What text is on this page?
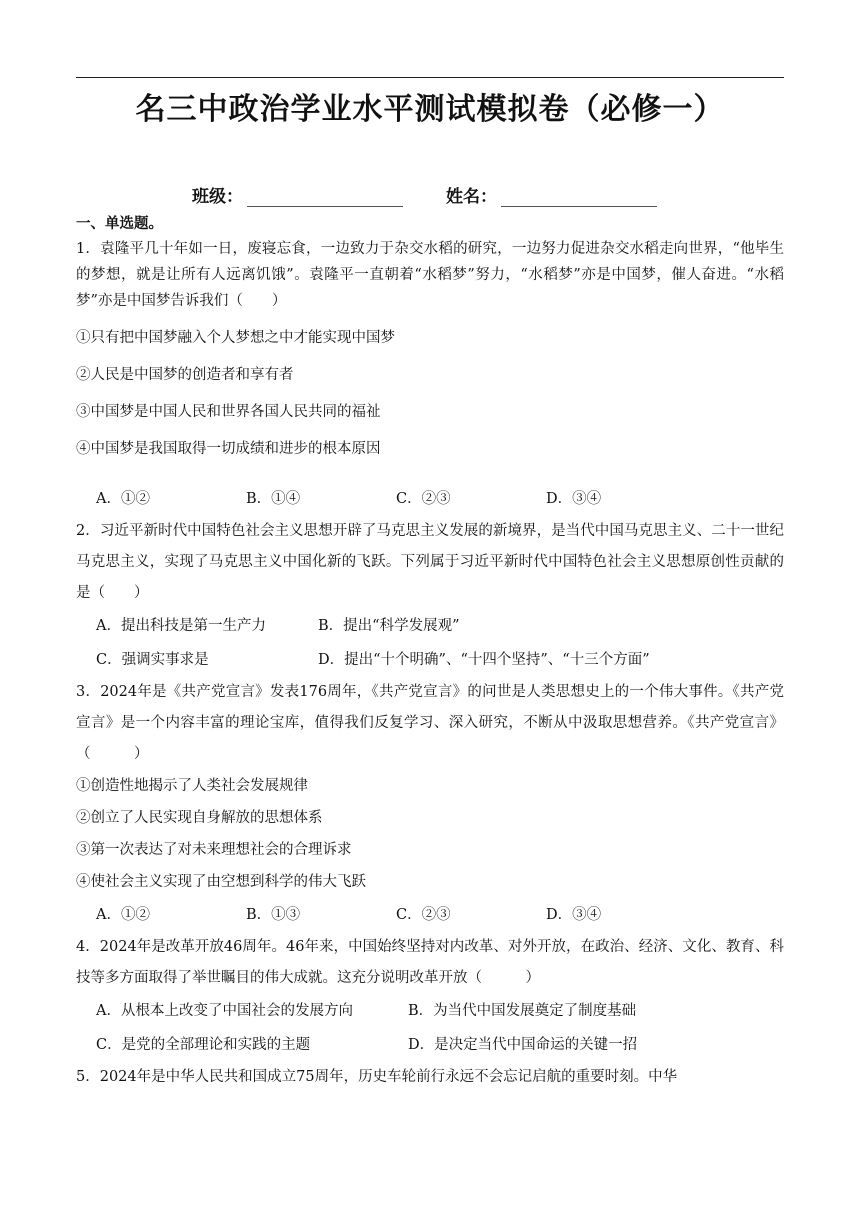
名三中政治学业水平测试模拟卷（必修一）
班级：	姓名：
一、单选题。

1．袁隆平几十年如一日，废寝忘食，一边致力于杂交水稻的研究，一边努力促进杂交水稻走向世界，“他毕生的梦想，就是让所有人远离饥饿”。袁隆平一直朝着“水稻梦”努力，“水稻梦”亦是中国梦，催人奋进。“水稻梦”亦是中国梦告诉我们（　　）

①只有把中国梦融入个人梦想之中才能实现中国梦

②人民是中国梦的创造者和享有者

③中国梦是中国人民和世界各国人民共同的福祉

④中国梦是我国取得一切成绩和进步的根本原因

A．①②	B．①④	C．②③	D．③④

2．习近平新时代中国特色社会主义思想开辟了马克思主义发展的新境界，是当代中国马克思主义、二十一世纪马克思主义，实现了马克思主义中国化新的飞跃。下列属于习近平新时代中国特色社会主义思想原创性贡献的是（　　）

A．提出科技是第一生产力	B．提出“科学发展观”
C．强调实事求是	D．提出“十个明确”、“十四个坚持”、“十三个方面”

3．2024年是《共产党宣言》发表176周年，《共产党宣言》的问世是人类思想史上的一个伟大事件。《共产党宣言》是一个内容丰富的理论宝库，值得我们反复学习、深入研究，不断从中汲取思想营养。《共产党宣言》（　　　）

①创造性地揭示了人类社会发展规律

②创立了人民实现自身解放的思想体系

③第一次表达了对未来理想社会的合理诉求

④使社会主义实现了由空想到科学的伟大飞跃

A．①②	B．①③	C．②③	D．③④

4．2024年是改革开放46周年。46年来，中国始终坚持对内改革、对外开放，在政治、经济、文化、教育、科技等多方面取得了举世瞩目的伟大成就。这充分说明改革开放（　　　）

A．从根本上改变了中国社会的发展方向	B．为当代中国发展奠定了制度基础
C．是党的全部理论和实践的主题	D．是决定当代中国命运的关键一招

5．2024年是中华人民共和国成立75周年，历史车轮前行永远不会忘记启航的重要时刻。中华
